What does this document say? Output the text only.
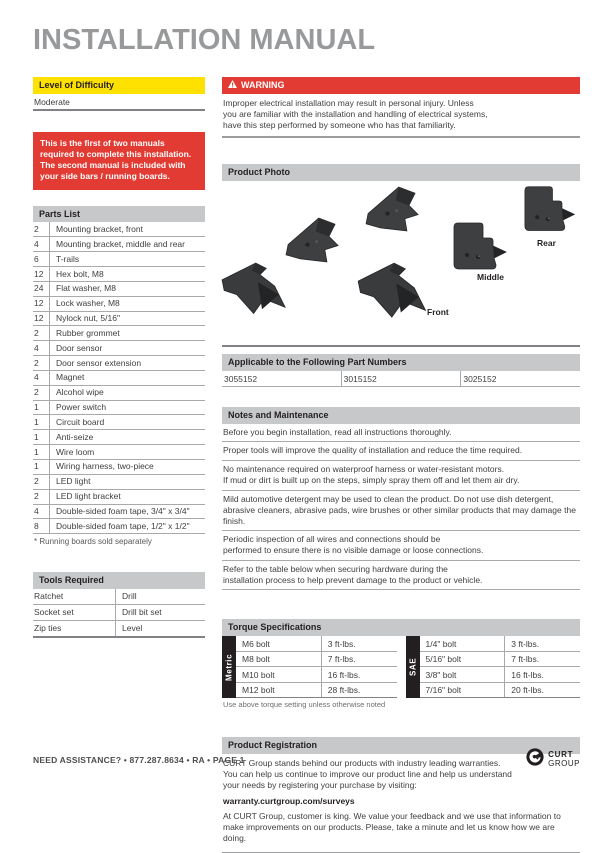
INSTALLATION MANUAL
Level of Difficulty
Moderate
This is the first of two manuals required to complete this installation. The second manual is included with your side bars / running boards.
Parts List
2	Mounting bracket, front
4	Mounting bracket, middle and rear
6	T-rails
12	Hex bolt, M8
24	Flat washer, M8
12	Lock washer, M8
12	Nylock nut, 5/16"
2	Rubber grommet
4	Door sensor
2	Door sensor extension
4	Magnet
2	Alcohol wipe
1	Power switch
1	Circuit board
1	Anti-seize
1	Wire loom
1	Wiring harness, two-piece
2	LED light
2	LED light bracket
4	Double-sided foam tape, 3/4" x 3/4"
8	Double-sided foam tape, 1/2" x 1/2"
* Running boards sold separately
Tools Required
Ratchet	Drill
Socket set	Drill bit set
Zip ties	Level
WARNING
Improper electrical installation may result in personal injury. Unless
you are familiar with the installation and handling of electrical systems,
have this step performed by someone who has that familiarity.
Product Photo
Front
Middle
Rear
Applicable to the Following Part Numbers
3055152	3015152	3025152
Notes and Maintenance
Before you begin installation, read all instructions thoroughly.
Proper tools will improve the quality of installation and reduce the time required.
No maintenance required on waterproof harness or water-resistant motors.
If mud or dirt is built up on the steps, simply spray them off and let them air dry.
Mild automotive detergent may be used to clean the product. Do not use dish detergent, abrasive cleaners, abrasive pads, wire brushes or other similar products that may damage the finish.
Periodic inspection of all wires and connections should be
performed to ensure there is no visible damage or loose connections.
Refer to the table below when securing hardware during the
installation process to help prevent damage to the product or vehicle.
Torque Specifications
Metric
M6 bolt	3 ft-lbs.
M8 bolt	7 ft-lbs.
M10 bolt	16 ft-lbs.
M12 bolt	28 ft-lbs.
SAE
1/4" bolt	3 ft-lbs.
5/16" bolt	7 ft-lbs.
3/8" bolt	16 ft-lbs.
7/16" bolt	20 ft-lbs.
Use above torque setting unless otherwise noted
Product Registration
CURT Group stands behind our products with industry leading warranties.
You can help us continue to improve our product line and help us understand
your needs by registering your purchase by visiting:
warranty.curtgroup.com/surveys
At CURT Group, customer is king. We value your feedback and we use that information to make improvements on our products. Please, take a minute and let us know how we are doing.
NEED ASSISTANCE? • 877.287.8634 • RA • PAGE 1	CURT
GROUP
